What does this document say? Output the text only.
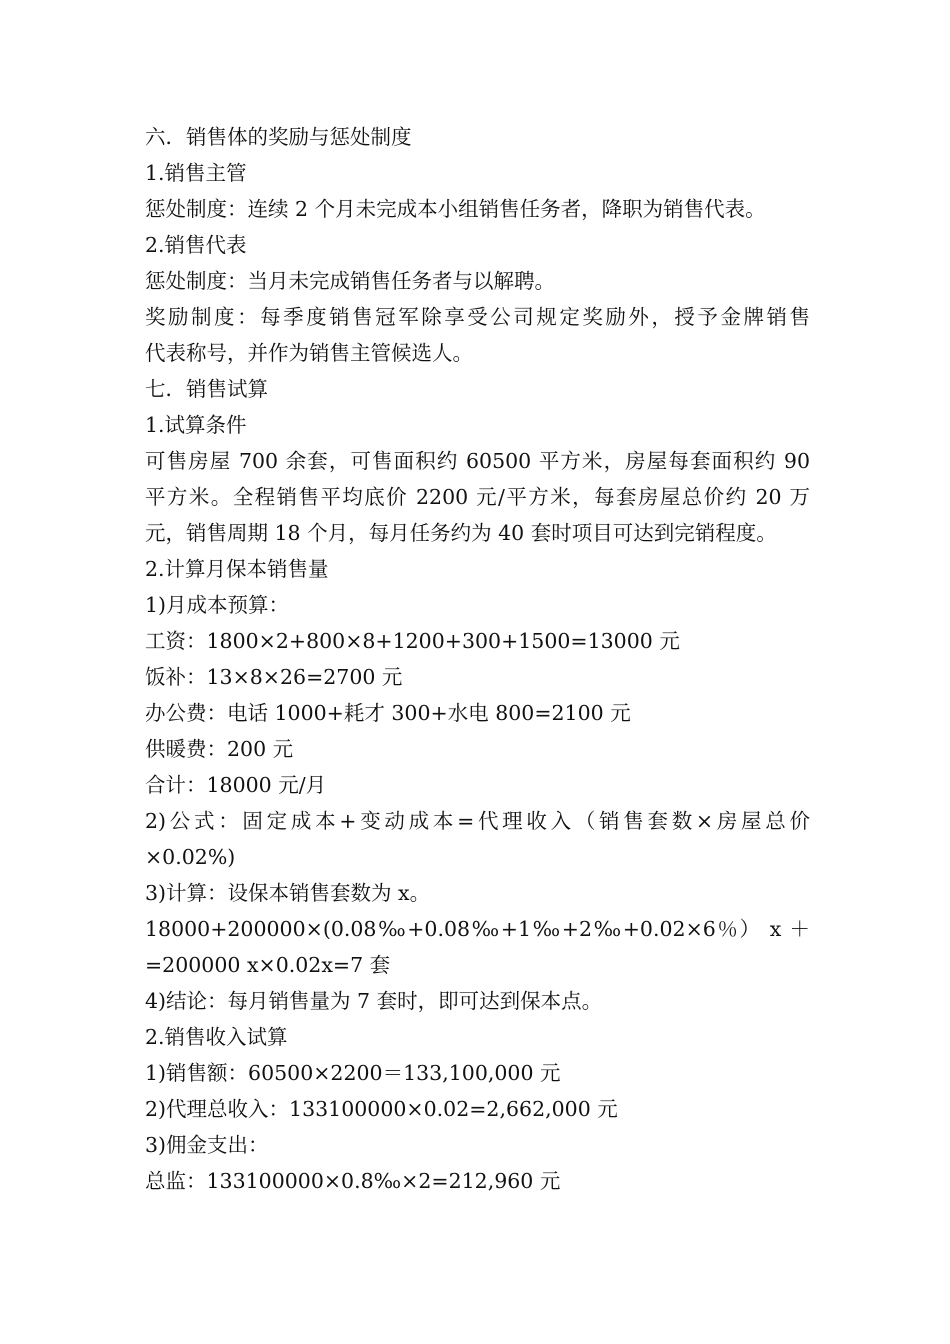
六．销售体的奖励与惩处制度
1.销售主管
惩处制度：连续 2 个月未完成本小组销售任务者，降职为销售代表。
2.销售代表
惩处制度：当月未完成销售任务者与以解聘。
奖励制度：每季度销售冠军除享受公司规定奖励外，授予金牌销售
代表称号，并作为销售主管候选人。
七．销售试算
1.试算条件
可售房屋 700 余套，可售面积约 60500 平方米，房屋每套面积约 90
平方米。全程销售平均底价 2200 元/平方米，每套房屋总价约 20 万
元，销售周期 18 个月，每月任务约为 40 套时项目可达到完销程度。
2.计算月保本销售量
1)月成本预算：
工资：1800×2+800×8+1200+300+1500=13000 元
饭补：13×8×26=2700 元
办公费：电话 1000+耗才 300+水电 800=2100 元
供暖费：200 元
合计：18000 元/月
2)公式：固定成本+变动成本=代理收入（销售套数×房屋总价
×0.02%)
3)计算：设保本销售套数为 x。
18000+200000×(0.08‰+0.08‰+1‰+2‰+0.02×6％） x ＋
=200000 x×0.02x=7 套
4)结论：每月销售量为 7 套时，即可达到保本点。
2.销售收入试算
1)销售额：60500×2200＝133,100,000 元
2)代理总收入：133100000×0.02=2,662,000 元
3)佣金支出：
总监：133100000×0.8‰×2=212,960 元
